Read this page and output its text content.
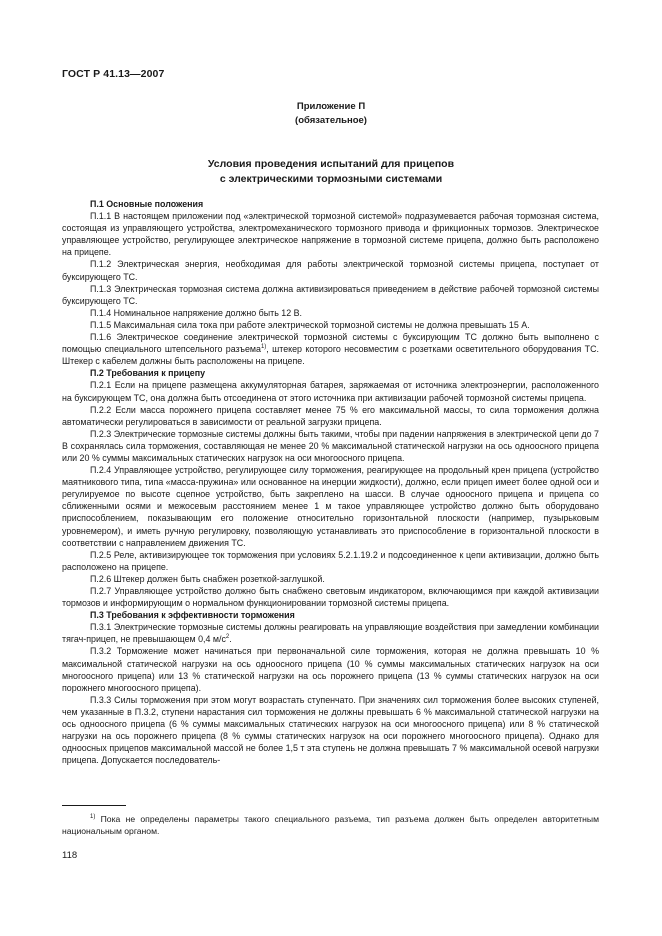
ГОСТ Р 41.13—2007
Приложение П
(обязательное)
Условия проведения испытаний для прицепов
с электрическими тормозными системами

П.1 Основные положения

П.1.1 В настоящем приложении под «электрической тормозной системой» подразумевается рабочая тормозная система, состоящая из управляющего устройства, электромеханического тормозного привода и фрикционных тормозов. Электрическое управляющее устройство, регулирующее электрическое напряжение в тормозной системе прицепа, должно быть расположено на прицепе.

П.1.2 Электрическая энергия, необходимая для работы электрической тормозной системы прицепа, поступает от буксирующего ТС.

П.1.3 Электрическая тормозная система должна активизироваться приведением в действие рабочей тормозной системы буксирующего ТС.

П.1.4 Номинальное напряжение должно быть 12 В.

П.1.5 Максимальная сила тока при работе электрической тормозной системы не должна превышать 15 А.

П.1.6 Электрическое соединение электрической тормозной системы с буксирующим ТС должно быть выполнено с помощью специального штепсельного разъема$^{1)}$, штекер которого несовместим с розетками осветительного оборудования ТС. Штекер с кабелем должны быть расположены на прицепе.

П.2 Требования к прицепу

П.2.1 Если на прицепе размещена аккумуляторная батарея, заряжаемая от источника электроэнергии, расположенного на буксирующем ТС, она должна быть отсоединена от этого источника при активизации рабочей тормозной системы прицепа.

П.2.2 Если масса порожнего прицепа составляет менее 75 % его максимальной массы, то сила торможения должна автоматически регулироваться в зависимости от реальной загрузки прицепа.

П.2.3 Электрические тормозные системы должны быть такими, чтобы при падении напряжения в электрической цепи до 7 В сохранялась сила торможения, составляющая не менее 20 % максимальной статической нагрузки на ось одноосного прицепа или 20 % суммы максимальных статических нагрузок на оси многоосного прицепа.

П.2.4 Управляющее устройство, регулирующее силу торможения, реагирующее на продольный крен прицепа (устройство маятникового типа, типа «масса-пружина» или основанное на инерции жидкости), должно, если прицеп имеет более одной оси и регулируемое по высоте сцепное устройство, быть закреплено на шасси. В случае одноосного прицепа и прицепа со сближенными осями и межосевым расстоянием менее 1 м такое управляющее устройство должно быть оборудовано приспособлением, показывающим его положение относительно горизонтальной плоскости (например, пузырьковым уровнемером), и иметь ручную регулировку, позволяющую устанавливать это приспособление в горизонтальной плоскости в соответствии с направлением движения ТС.

П.2.5 Реле, активизирующее ток торможения при условиях 5.2.1.19.2 и подсоединенное к цепи активизации, должно быть расположено на прицепе.

П.2.6 Штекер должен быть снабжен розеткой-заглушкой.

П.2.7 Управляющее устройство должно быть снабжено световым индикатором, включающимся при каждой активизации тормозов и информирующим о нормальном функционировании тормозной системы прицепа.

П.3 Требования к эффективности торможения

П.3.1 Электрические тормозные системы должны реагировать на управляющие воздействия при замедлении комбинации тягач-прицеп, не превышающем 0,4 $м/с^2$.

П.3.2 Торможение может начинаться при первоначальной силе торможения, которая не должна превышать 10 % максимальной статической нагрузки на ось одноосного прицепа (10 % суммы максимальных статических нагрузок на оси многоосного прицепа) или 13 % статической нагрузки на ось порожнего прицепа (13 % суммы статических нагрузок на оси порожнего многоосного прицепа).

П.3.3 Силы торможения при этом могут возрастать ступенчато. При значениях сил торможения более высоких ступеней, чем указанные в П.3.2, ступени нарастания сил торможения не должны превышать 6 % максимальной статической нагрузки на ось одноосного прицепа (6 % суммы максимальных статических нагрузок на оси многоосного прицепа) или 8 % статической нагрузки на ось порожнего прицепа (8 % суммы статических нагрузок на оси порожнего многоосного прицепа). Однако для одноосных прицепов максимальной массой не более 1,5 т эта ступень не должна превышать 7 % максимальной осевой нагрузки прицепа. Допускается последователь-

$^{1)}$ Пока не определены параметры такого специального разъема, тип разъема должен быть определен авторитетным национальным органом.

118
